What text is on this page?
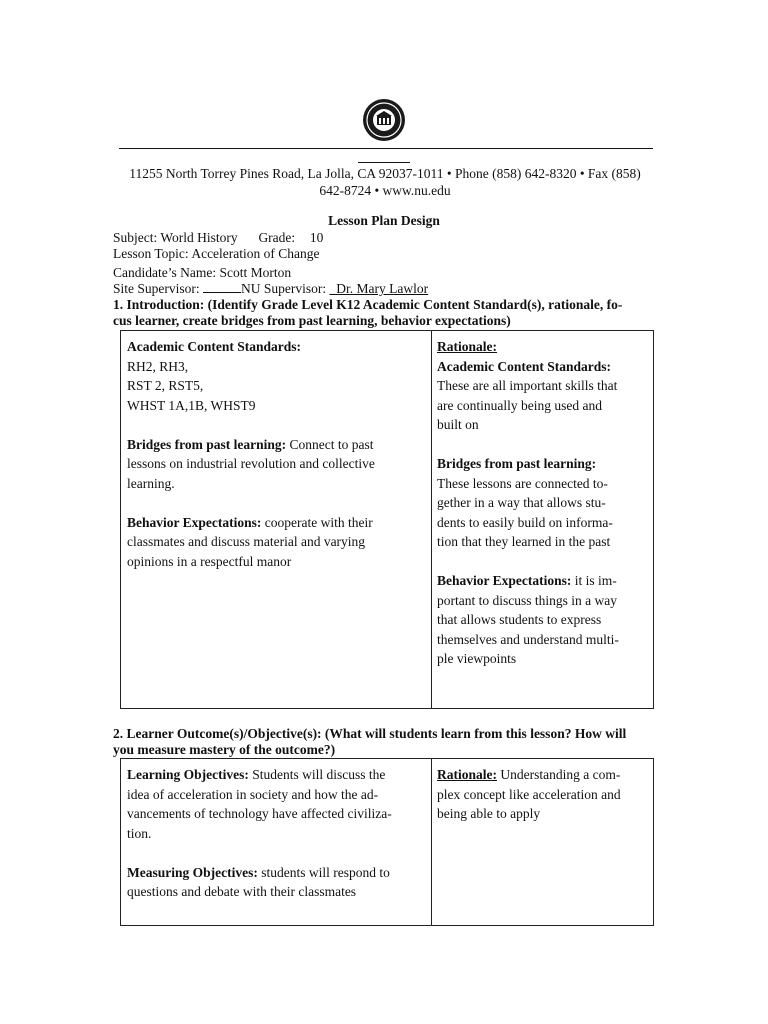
11255 North Torrey Pines Road, La Jolla, CA 92037-1011 • Phone (858) 642-8320 • Fax (858)
642-8724 • www.nu.edu
Lesson Plan Design
Subject: World History Grade: 10
Lesson Topic: Acceleration of Change
Candidate’s Name: Scott Morton
Site Supervisor:	NU Supervisor: _Dr. Mary Lawlor
1. Introduction: (Identify Grade Level K12 Academic Content Standard(s), rationale, fo-
cus learner, create bridges from past learning, behavior expectations)

Academic Content Standards:

RH2, RH3,

RST 2, RST5,

WHST 1A,1B, WHST9

Bridges from past learning: Connect to past

lessons on industrial revolution and collective

learning.

Behavior Expectations: cooperate with their

classmates and discuss material and varying

opinions in a respectful manor

Rationale:

Academic Content Standards:

These are all important skills that

are continually being used and

built on

Bridges from past learning:

These lessons are connected to-

gether in a way that allows stu-

dents to easily build on informa-

tion that they learned in the past

Behavior Expectations: it is im-

portant to discuss things in a way

that allows students to express

themselves and understand multi-

ple viewpoints

2. Learner Outcome(s)/Objective(s): (What will students learn from this lesson? How will
you measure mastery of the outcome?)

Learning Objectives: Students will discuss the

idea of acceleration in society and how the ad-

vancements of technology have affected civiliza-

tion.

Measuring Objectives: students will respond to

questions and debate with their classmates

Rationale: Understanding a com-

plex concept like acceleration and

being able to apply
